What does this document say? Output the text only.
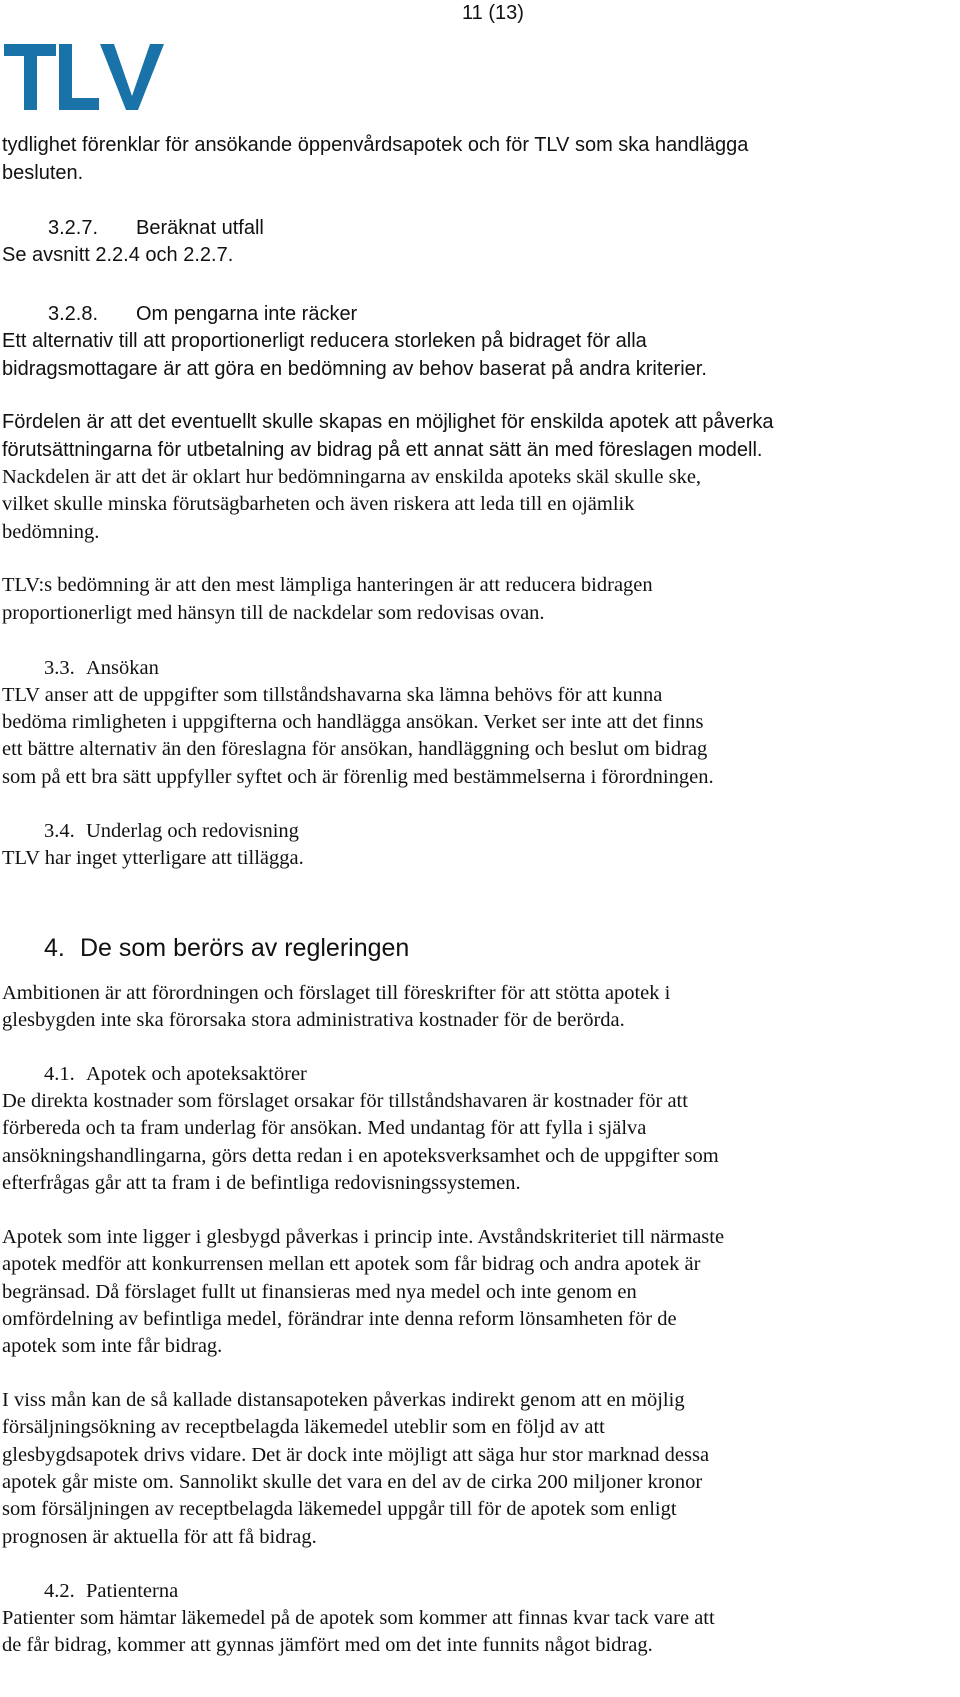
11 (13)
tydlighet förenklar för ansökande öppenvårdsapotek och för TLV som ska handlägga
besluten.
Se avsnitt 2.2.4 och 2.2.7.
Ett alternativ till att proportionerligt reducera storleken på bidraget för alla
bidragsmottagare är att göra en bedömning av behov baserat på andra kriterier.
Fördelen är att det eventuellt skulle skapas en möjlighet för enskilda apotek att påverka
förutsättningarna för utbetalning av bidrag på ett annat sätt än med föreslagen modell.
Nackdelen är att det är oklart hur bedömningarna av enskilda apoteks skäl skulle ske,
vilket skulle minska förutsägbarheten och även riskera att leda till en ojämlik
bedömning.
TLV:s bedömning är att den mest lämpliga hanteringen är att reducera bidragen
proportionerligt med hänsyn till de nackdelar som redovisas ovan.
TLV anser att de uppgifter som tillståndshavarna ska lämna behövs för att kunna
bedöma rimligheten i uppgifterna och handlägga ansökan. Verket ser inte att det finns
ett bättre alternativ än den föreslagna för ansökan, handläggning och beslut om bidrag
som på ett bra sätt uppfyller syftet och är förenlig med bestämmelserna i förordningen.
TLV har inget ytterligare att tillägga.
Ambitionen är att förordningen och förslaget till föreskrifter för att stötta apotek i
glesbygden inte ska förorsaka stora administrativa kostnader för de berörda.
De direkta kostnader som förslaget orsakar för tillståndshavaren är kostnader för att
förbereda och ta fram underlag för ansökan. Med undantag för att fylla i själva
ansökningshandlingarna, görs detta redan i en apoteksverksamhet och de uppgifter som
efterfrågas går att ta fram i de befintliga redovisningssystemen.
Apotek som inte ligger i glesbygd påverkas i princip inte. Avståndskriteriet till närmaste
apotek medför att konkurrensen mellan ett apotek som får bidrag och andra apotek är
begränsad. Då förslaget fullt ut finansieras med nya medel och inte genom en
omfördelning av befintliga medel, förändrar inte denna reform lönsamheten för de
apotek som inte får bidrag.
I viss mån kan de så kallade distansapoteken påverkas indirekt genom att en möjlig
försäljningsökning av receptbelagda läkemedel uteblir som en följd av att
glesbygdsapotek drivs vidare. Det är dock inte möjligt att säga hur stor marknad dessa
apotek går miste om. Sannolikt skulle det vara en del av de cirka 200 miljoner kronor
som försäljningen av receptbelagda läkemedel uppgår till för de apotek som enligt
prognosen är aktuella för att få bidrag.
Patienter som hämtar läkemedel på de apotek som kommer att finnas kvar tack vare att
de får bidrag, kommer att gynnas jämfört med om det inte funnits något bidrag.
3.2.7. Beräknat utfall
3.2.8. Om pengarna inte räcker
3.3. Ansökan
3.4. Underlag och redovisning
4.1. Apotek och apoteksaktörer
4.2. Patienterna
4. De som berörs av regleringen
